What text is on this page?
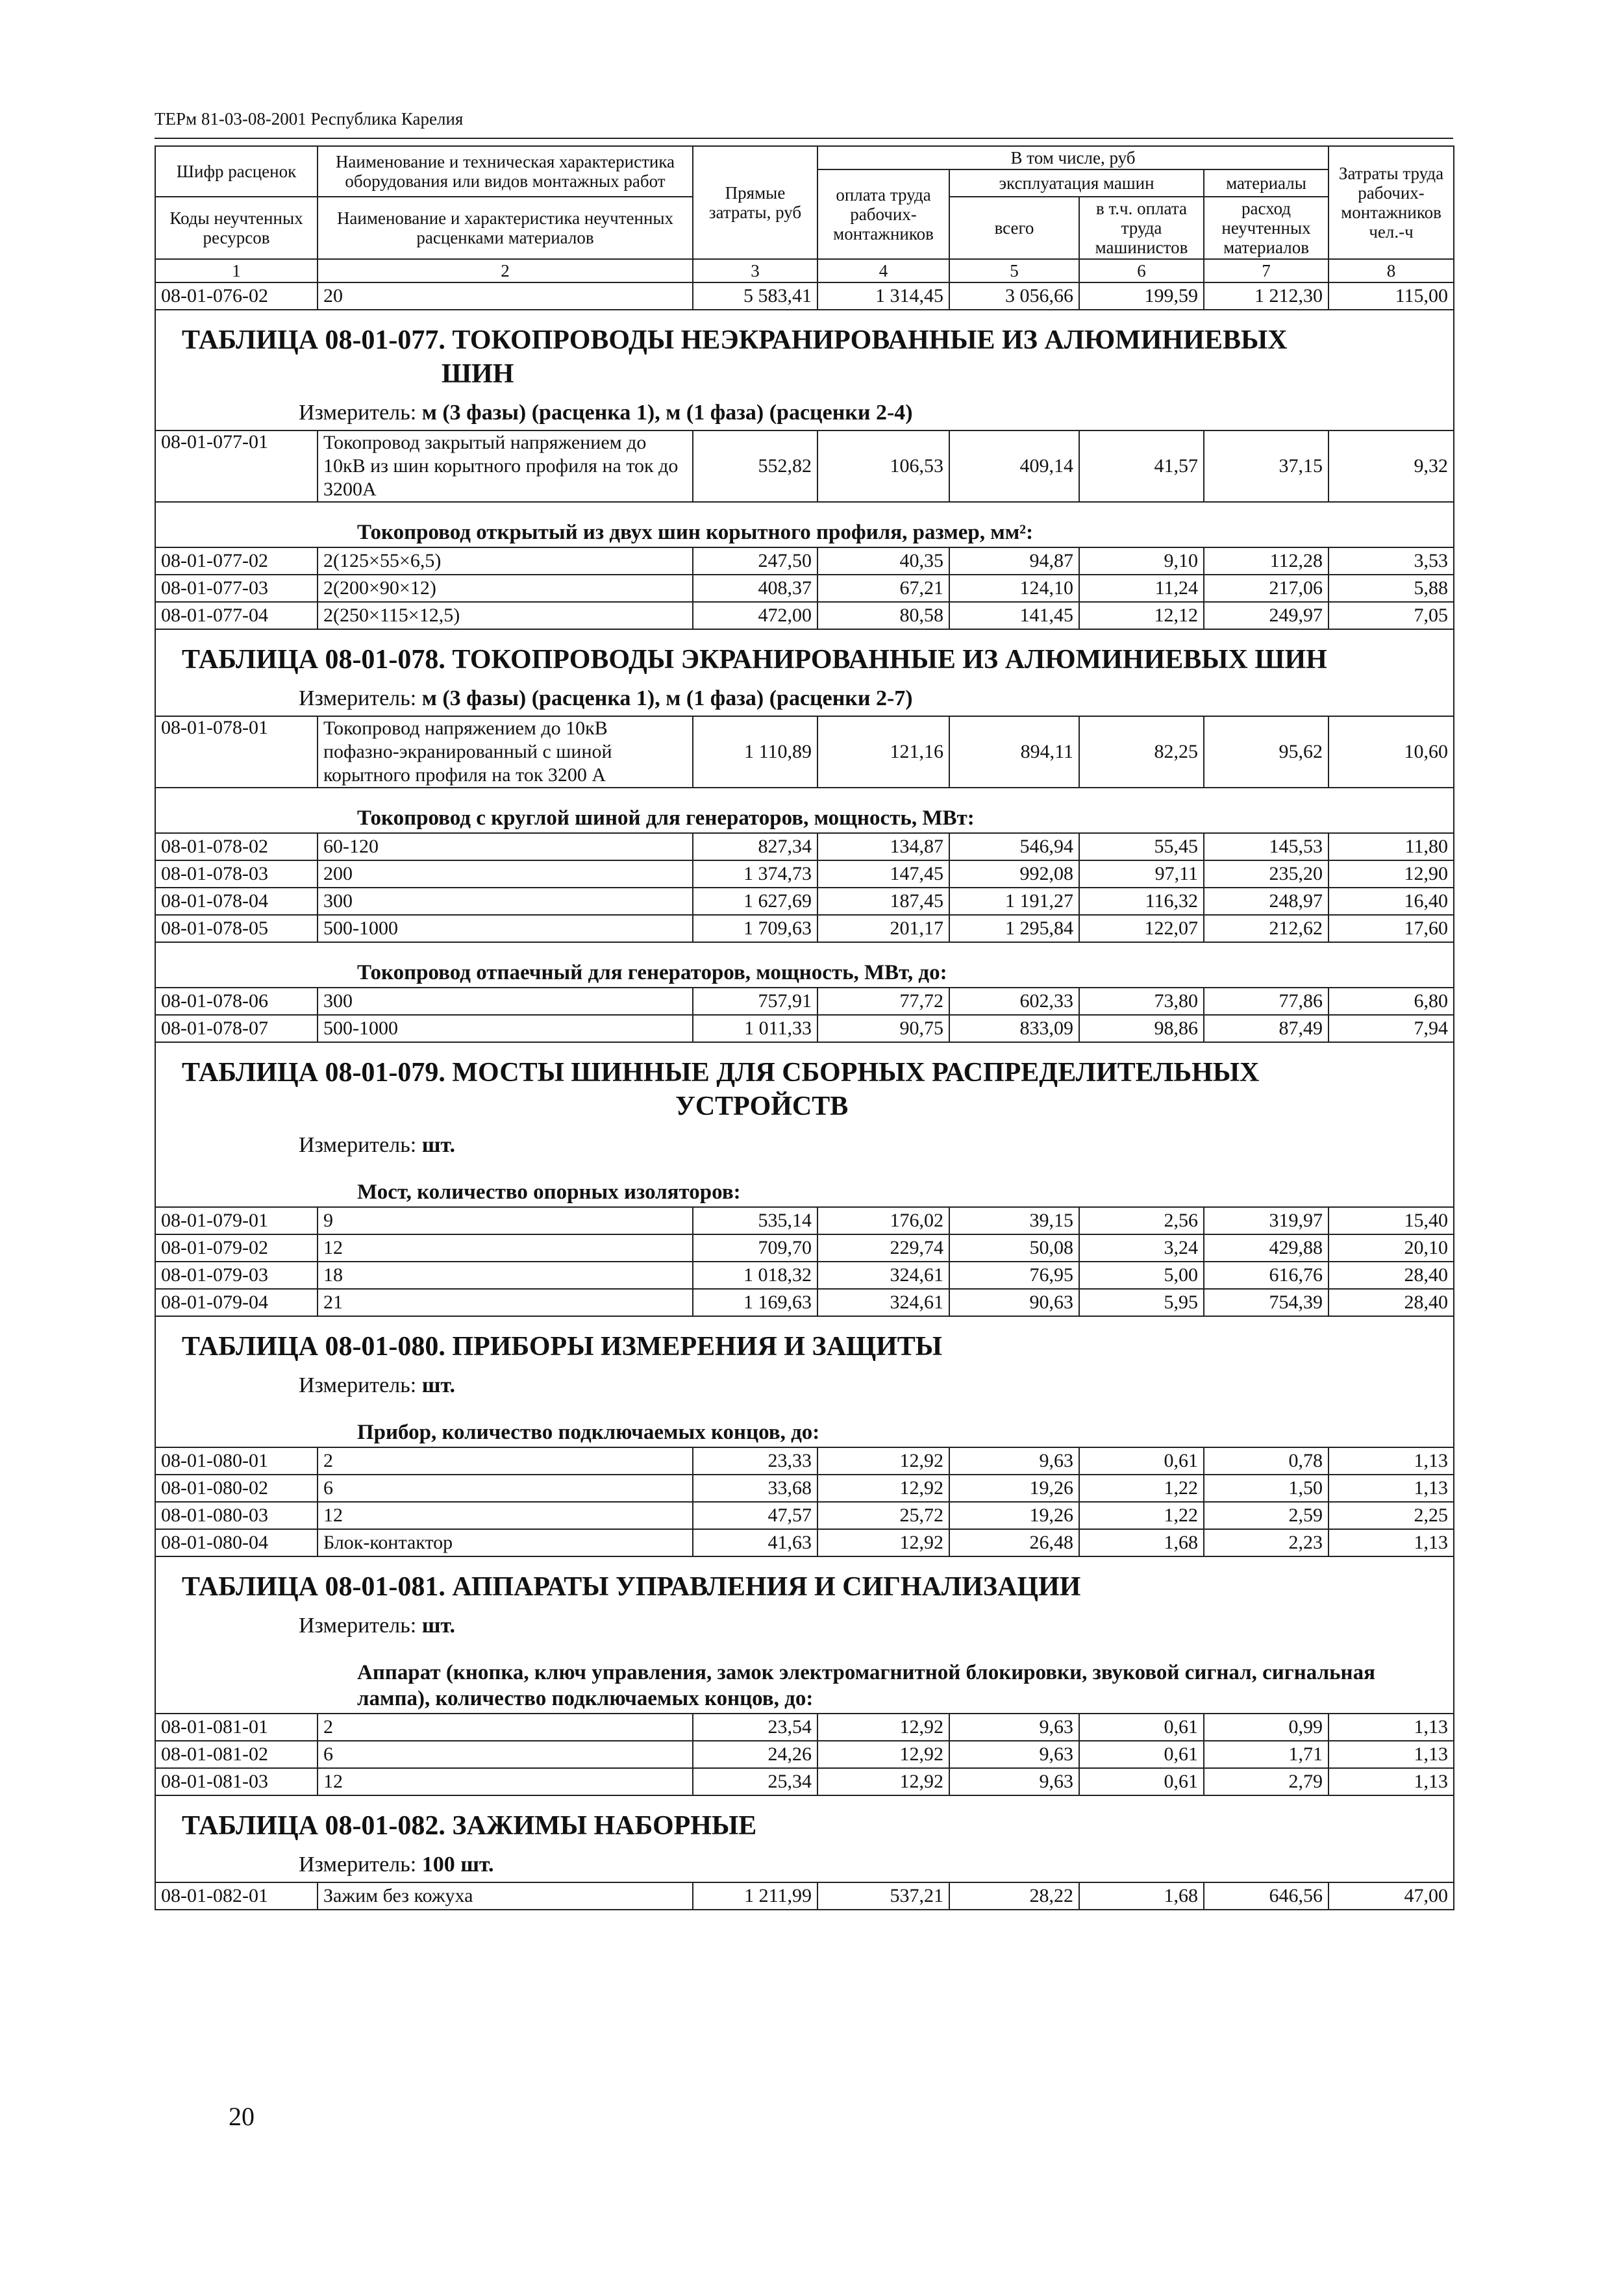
ТЕРм 81-03-08-2001 Республика Карелия
Шифр расценок	Наименование и техническая характеристика оборудования или видов монтажных работ	Прямые затраты, руб	В том числе, руб				Затраты труда рабочих-монтажников чел.-ч
			оплата труда рабочих-монтажников	эксплуатация машин		материалы	
Коды неучтенных ресурсов	Наименование и характеристика неучтенных расценками материалов			всего	в т.ч. оплата труда машинистов	расход неучтенных материалов	

1	2	3	4	5	6	7	8
08-01-076-02	20	5 583,41	1 314,45	3 056,66	199,59	1 212,30	115,00

ТАБЛИЦА 08-01-077. ТОКОПРОВОДЫ НЕЭКРАНИРОВАННЫЕ ИЗ АЛЮМИНИЕВЫХ
ШИН							

Измеритель: м (3 фазы) (расценка 1), м (1 фаза) (расценки 2-4)							
08-01-077-01	Токопровод закрытый напряжением до 10кВ из шин корытного профиля на ток до 3200А	552,82	106,53	409,14	41,57	37,15	9,32
Токопровод открытый из двух шин корытного профиля, размер, мм²:							
08-01-077-02	2(125×55×6,5)	247,50	40,35	94,87	9,10	112,28	3,53
08-01-077-03	2(200×90×12)	408,37	67,21	124,10	11,24	217,06	5,88
08-01-077-04	2(250×115×12,5)	472,00	80,58	141,45	12,12	249,97	7,05

ТАБЛИЦА 08-01-078. ТОКОПРОВОДЫ ЭКРАНИРОВАННЫЕ ИЗ АЛЮМИНИЕВЫХ ШИН							

Измеритель: м (3 фазы) (расценка 1), м (1 фаза) (расценки 2-7)							
08-01-078-01	Токопровод напряжением до 10кВ пофазно-экранированный с шиной корытного профиля на ток 3200 А	1 110,89	121,16	894,11	82,25	95,62	10,60
Токопровод с круглой шиной для генераторов, мощность, МВт:							
08-01-078-02	60-120	827,34	134,87	546,94	55,45	145,53	11,80
08-01-078-03	200	1 374,73	147,45	992,08	97,11	235,20	12,90
08-01-078-04	300	1 627,69	187,45	1 191,27	116,32	248,97	16,40
08-01-078-05	500-1000	1 709,63	201,17	1 295,84	122,07	212,62	17,60
Токопровод отпаечный для генераторов, мощность, МВт, до:							
08-01-078-06	300	757,91	77,72	602,33	73,80	77,86	6,80
08-01-078-07	500-1000	1 011,33	90,75	833,09	98,86	87,49	7,94

ТАБЛИЦА 08-01-079. МОСТЫ ШИННЫЕ ДЛЯ СБОРНЫХ РАСПРЕДЕЛИТЕЛЬНЫХ
УСТРОЙСТВ							

Измеритель: шт.							
Мост, количество опорных изоляторов:							
08-01-079-01	9	535,14	176,02	39,15	2,56	319,97	15,40
08-01-079-02	12	709,70	229,74	50,08	3,24	429,88	20,10
08-01-079-03	18	1 018,32	324,61	76,95	5,00	616,76	28,40
08-01-079-04	21	1 169,63	324,61	90,63	5,95	754,39	28,40

ТАБЛИЦА 08-01-080. ПРИБОРЫ ИЗМЕРЕНИЯ И ЗАЩИТЫ							

Измеритель: шт.							
Прибор, количество подключаемых концов, до:							
08-01-080-01	2	23,33	12,92	9,63	0,61	0,78	1,13
08-01-080-02	6	33,68	12,92	19,26	1,22	1,50	1,13
08-01-080-03	12	47,57	25,72	19,26	1,22	2,59	2,25
08-01-080-04	Блок-контактор	41,63	12,92	26,48	1,68	2,23	1,13

ТАБЛИЦА 08-01-081. АППАРАТЫ УПРАВЛЕНИЯ И СИГНАЛИЗАЦИИ							

Измеритель: шт.							
Аппарат (кнопка, ключ управления, замок электромагнитной блокировки, звуковой сигнал, сигнальная лампа), количество подключаемых концов, до:							
08-01-081-01	2	23,54	12,92	9,63	0,61	0,99	1,13
08-01-081-02	6	24,26	12,92	9,63	0,61	1,71	1,13
08-01-081-03	12	25,34	12,92	9,63	0,61	2,79	1,13

ТАБЛИЦА 08-01-082. ЗАЖИМЫ НАБОРНЫЕ							

Измеритель: 100 шт.							
08-01-082-01	Зажим без кожуха	1 211,99	537,21	28,22	1,68	646,56	47,00
20
